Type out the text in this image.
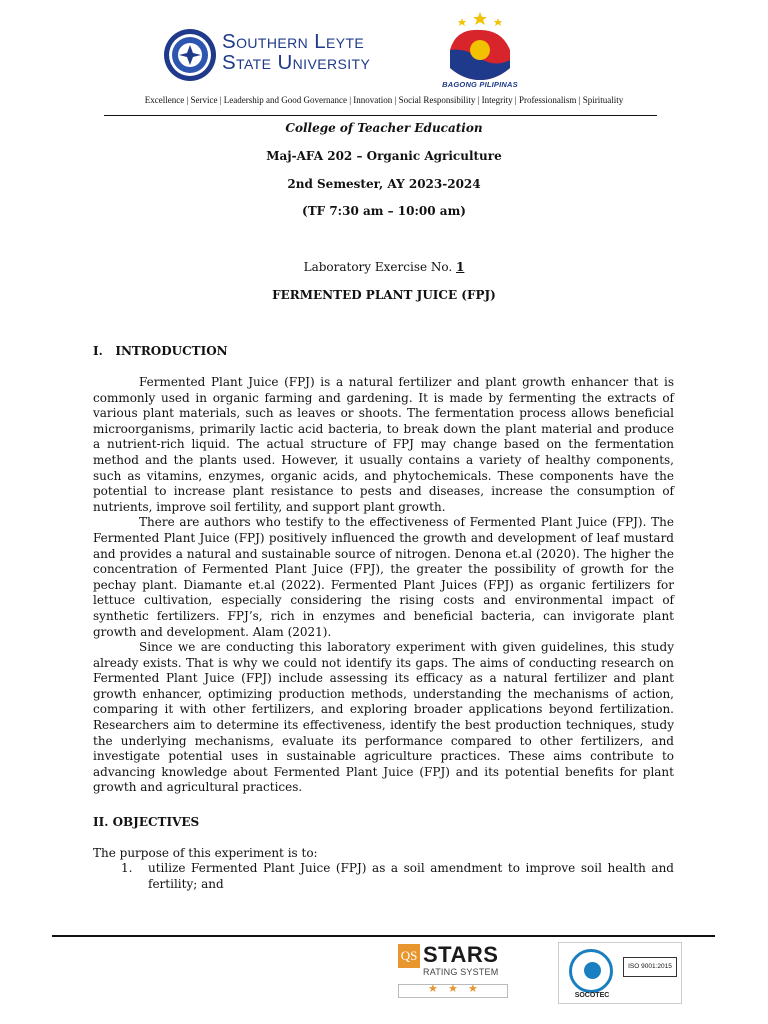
Southern Leyte
State University
BAGONG PILIPINAS
Excellence | Service | Leadership and Good Governance | Innovation | Social Responsibility | Integrity | Professionalism | Spirituality
College of Teacher Education
Maj-AFA 202 – Organic Agriculture
2nd Semester, AY 2023-2024
(TF 7:30 am – 10:00 am)
Laboratory Exercise No. 1
FERMENTED PLANT JUICE (FPJ)
I.   INTRODUCTION

Fermented Plant Juice (FPJ) is a natural fertilizer and plant growth enhancer that is commonly used in organic farming and gardening. It is made by fermenting the extracts of various plant materials, such as leaves or shoots. The fermentation process allows beneficial microorganisms, primarily lactic acid bacteria, to break down the plant material and produce a nutrient-rich liquid. The actual structure of FPJ may change based on the fermentation method and the plants used. However, it usually contains a variety of healthy components, such as vitamins, enzymes, organic acids, and phytochemicals. These components have the potential to increase plant resistance to pests and diseases, increase the consumption of nutrients, improve soil fertility, and support plant growth.

There are authors who testify to the effectiveness of Fermented Plant Juice (FPJ). The Fermented Plant Juice (FPJ) positively influenced the growth and development of leaf mustard and provides a natural and sustainable source of nitrogen. Denona et.al (2020). The higher the concentration of Fermented Plant Juice (FPJ), the greater the possibility of growth for the pechay plant. Diamante et.al (2022). Fermented Plant Juices (FPJ) as organic fertilizers for lettuce cultivation, especially considering the rising costs and environmental impact of synthetic fertilizers. FPJ’s, rich in enzymes and beneficial bacteria, can invigorate plant growth and development. Alam (2021).

Since we are conducting this laboratory experiment with given guidelines, this study already exists. That is why we could not identify its gaps. The aims of conducting research on Fermented Plant Juice (FPJ) include assessing its efficacy as a natural fertilizer and plant growth enhancer, optimizing production methods, understanding the mechanisms of action, comparing it with other fertilizers, and exploring broader applications beyond fertilization. Researchers aim to determine its effectiveness, identify the best production techniques, study the underlying mechanisms, evaluate its performance compared to other fertilizers, and investigate potential uses in sustainable agriculture practices. These aims contribute to advancing knowledge about Fermented Plant Juice (FPJ) and its potential benefits for plant growth and agricultural practices.

II. OBJECTIVES
The purpose of this experiment is to:
1. utilize Fermented Plant Juice (FPJ) as a soil amendment to improve soil health and fertility; and
QS STARS
RATING SYSTEM
★ ★ ★
ISO 9001:2015
SOCOTEC
